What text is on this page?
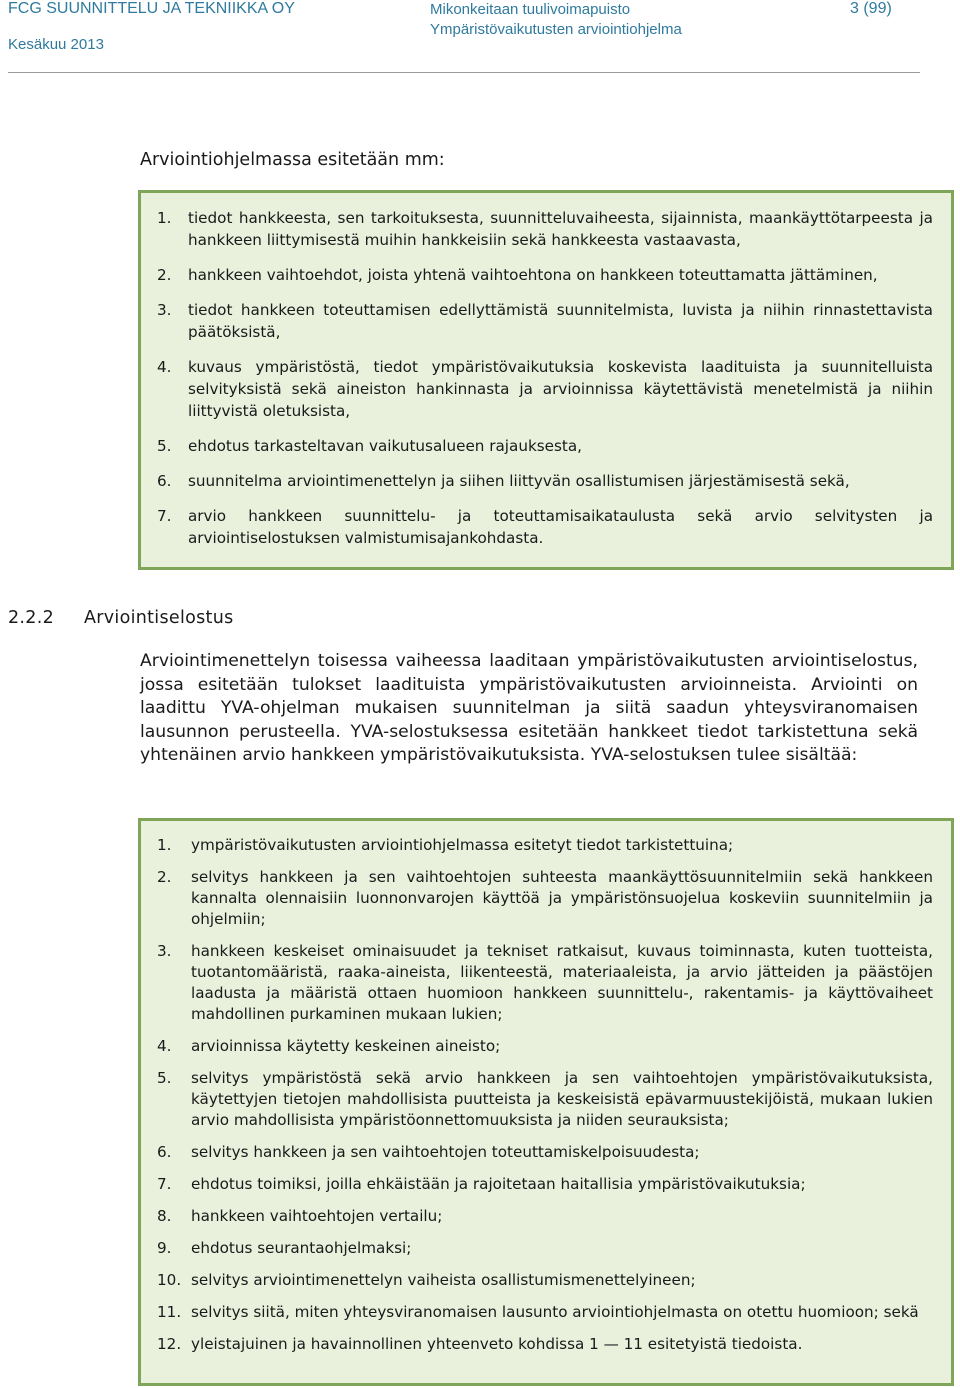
FCG SUUNNITTELU JA TEKNIIKKA OY
Kesäkuu 2013
Mikonkeitaan tuulivoimapuisto
Ympäristövaikutusten arviointiohjelma
3 (99)
Arviointiohjelmassa esitetään mm:
1.	tiedot hankkeesta, sen tarkoituksesta, suunnitteluvaiheesta, sijainnista, maankäyttötarpeesta ja hankkeen liittymisestä muihin hankkeisiin sekä hankkeesta vastaavasta,
2.	hankkeen vaihtoehdot, joista yhtenä vaihtoehtona on hankkeen toteuttamatta jättäminen,
3.	tiedot hankkeen toteuttamisen edellyttämistä suunnitelmista, luvista ja niihin rinnastettavista päätöksistä,
4.	kuvaus ympäristöstä, tiedot ympäristövaikutuksia koskevista laadituista ja suunnitelluista selvityksistä sekä aineiston hankinnasta ja arvioinnissa käytettävistä menetelmistä ja niihin liittyvistä oletuksista,
5.	ehdotus tarkasteltavan vaikutusalueen rajauksesta,
6.	suunnitelma arviointimenettelyn ja siihen liittyvän osallistumisen järjestämisestä sekä,
7.	arvio hankkeen suunnittelu- ja toteuttamisaikataulusta sekä arvio selvitysten ja arviointiselostuksen valmistumisajankohdasta.
2.2.2 Arviointiselostus
Arviointimenettelyn toisessa vaiheessa laaditaan ympäristövaikutusten arviointiselostus, jossa esitetään tulokset laadituista ympäristövaikutusten arvioinneista. Arviointi on laadittu YVA-ohjelman mukaisen suunnitelman ja siitä saadun yhteysviranomaisen lausunnon perusteella. YVA-selostuksessa esitetään hankkeet tiedot tarkistettuna sekä yhtenäinen arvio hankkeen ympäristövaikutuksista. YVA-selostuksen tulee sisältää:
1.	ympäristövaikutusten arviointiohjelmassa esitetyt tiedot tarkistettuina;
2.	selvitys hankkeen ja sen vaihtoehtojen suhteesta maankäyttösuunnitelmiin sekä hankkeen kannalta olennaisiin luonnonvarojen käyttöä ja ympäristönsuojelua koskeviin suunnitelmiin ja ohjelmiin;
3.	hankkeen keskeiset ominaisuudet ja tekniset ratkaisut, kuvaus toiminnasta, kuten tuotteista, tuotantomääristä, raaka-aineista, liikenteestä, materiaaleista, ja arvio jätteiden ja päästöjen laadusta ja määristä ottaen huomioon hankkeen suunnittelu-, rakentamis- ja käyttövaiheet mahdollinen purkaminen mukaan lukien;
4.	arvioinnissa käytetty keskeinen aineisto;
5.	selvitys ympäristöstä sekä arvio hankkeen ja sen vaihtoehtojen ympäristövaikutuksista, käytettyjen tietojen mahdollisista puutteista ja keskeisistä epävarmuustekijöistä, mukaan lukien arvio mahdollisista ympäristöonnettomuuksista ja niiden seurauksista;
6.	selvitys hankkeen ja sen vaihtoehtojen toteuttamiskelpoisuudesta;
7.	ehdotus toimiksi, joilla ehkäistään ja rajoitetaan haitallisia ympäristövaikutuksia;
8.	hankkeen vaihtoehtojen vertailu;
9.	ehdotus seurantaohjelmaksi;
10. selvitys arviointimenettelyn vaiheista osallistumismenettelyineen;
11. selvitys siitä, miten yhteysviranomaisen lausunto arviointiohjelmasta on otettu huomioon; sekä
12. yleistajuinen ja havainnollinen yhteenveto kohdissa 1 — 11 esitetyistä tiedoista.
